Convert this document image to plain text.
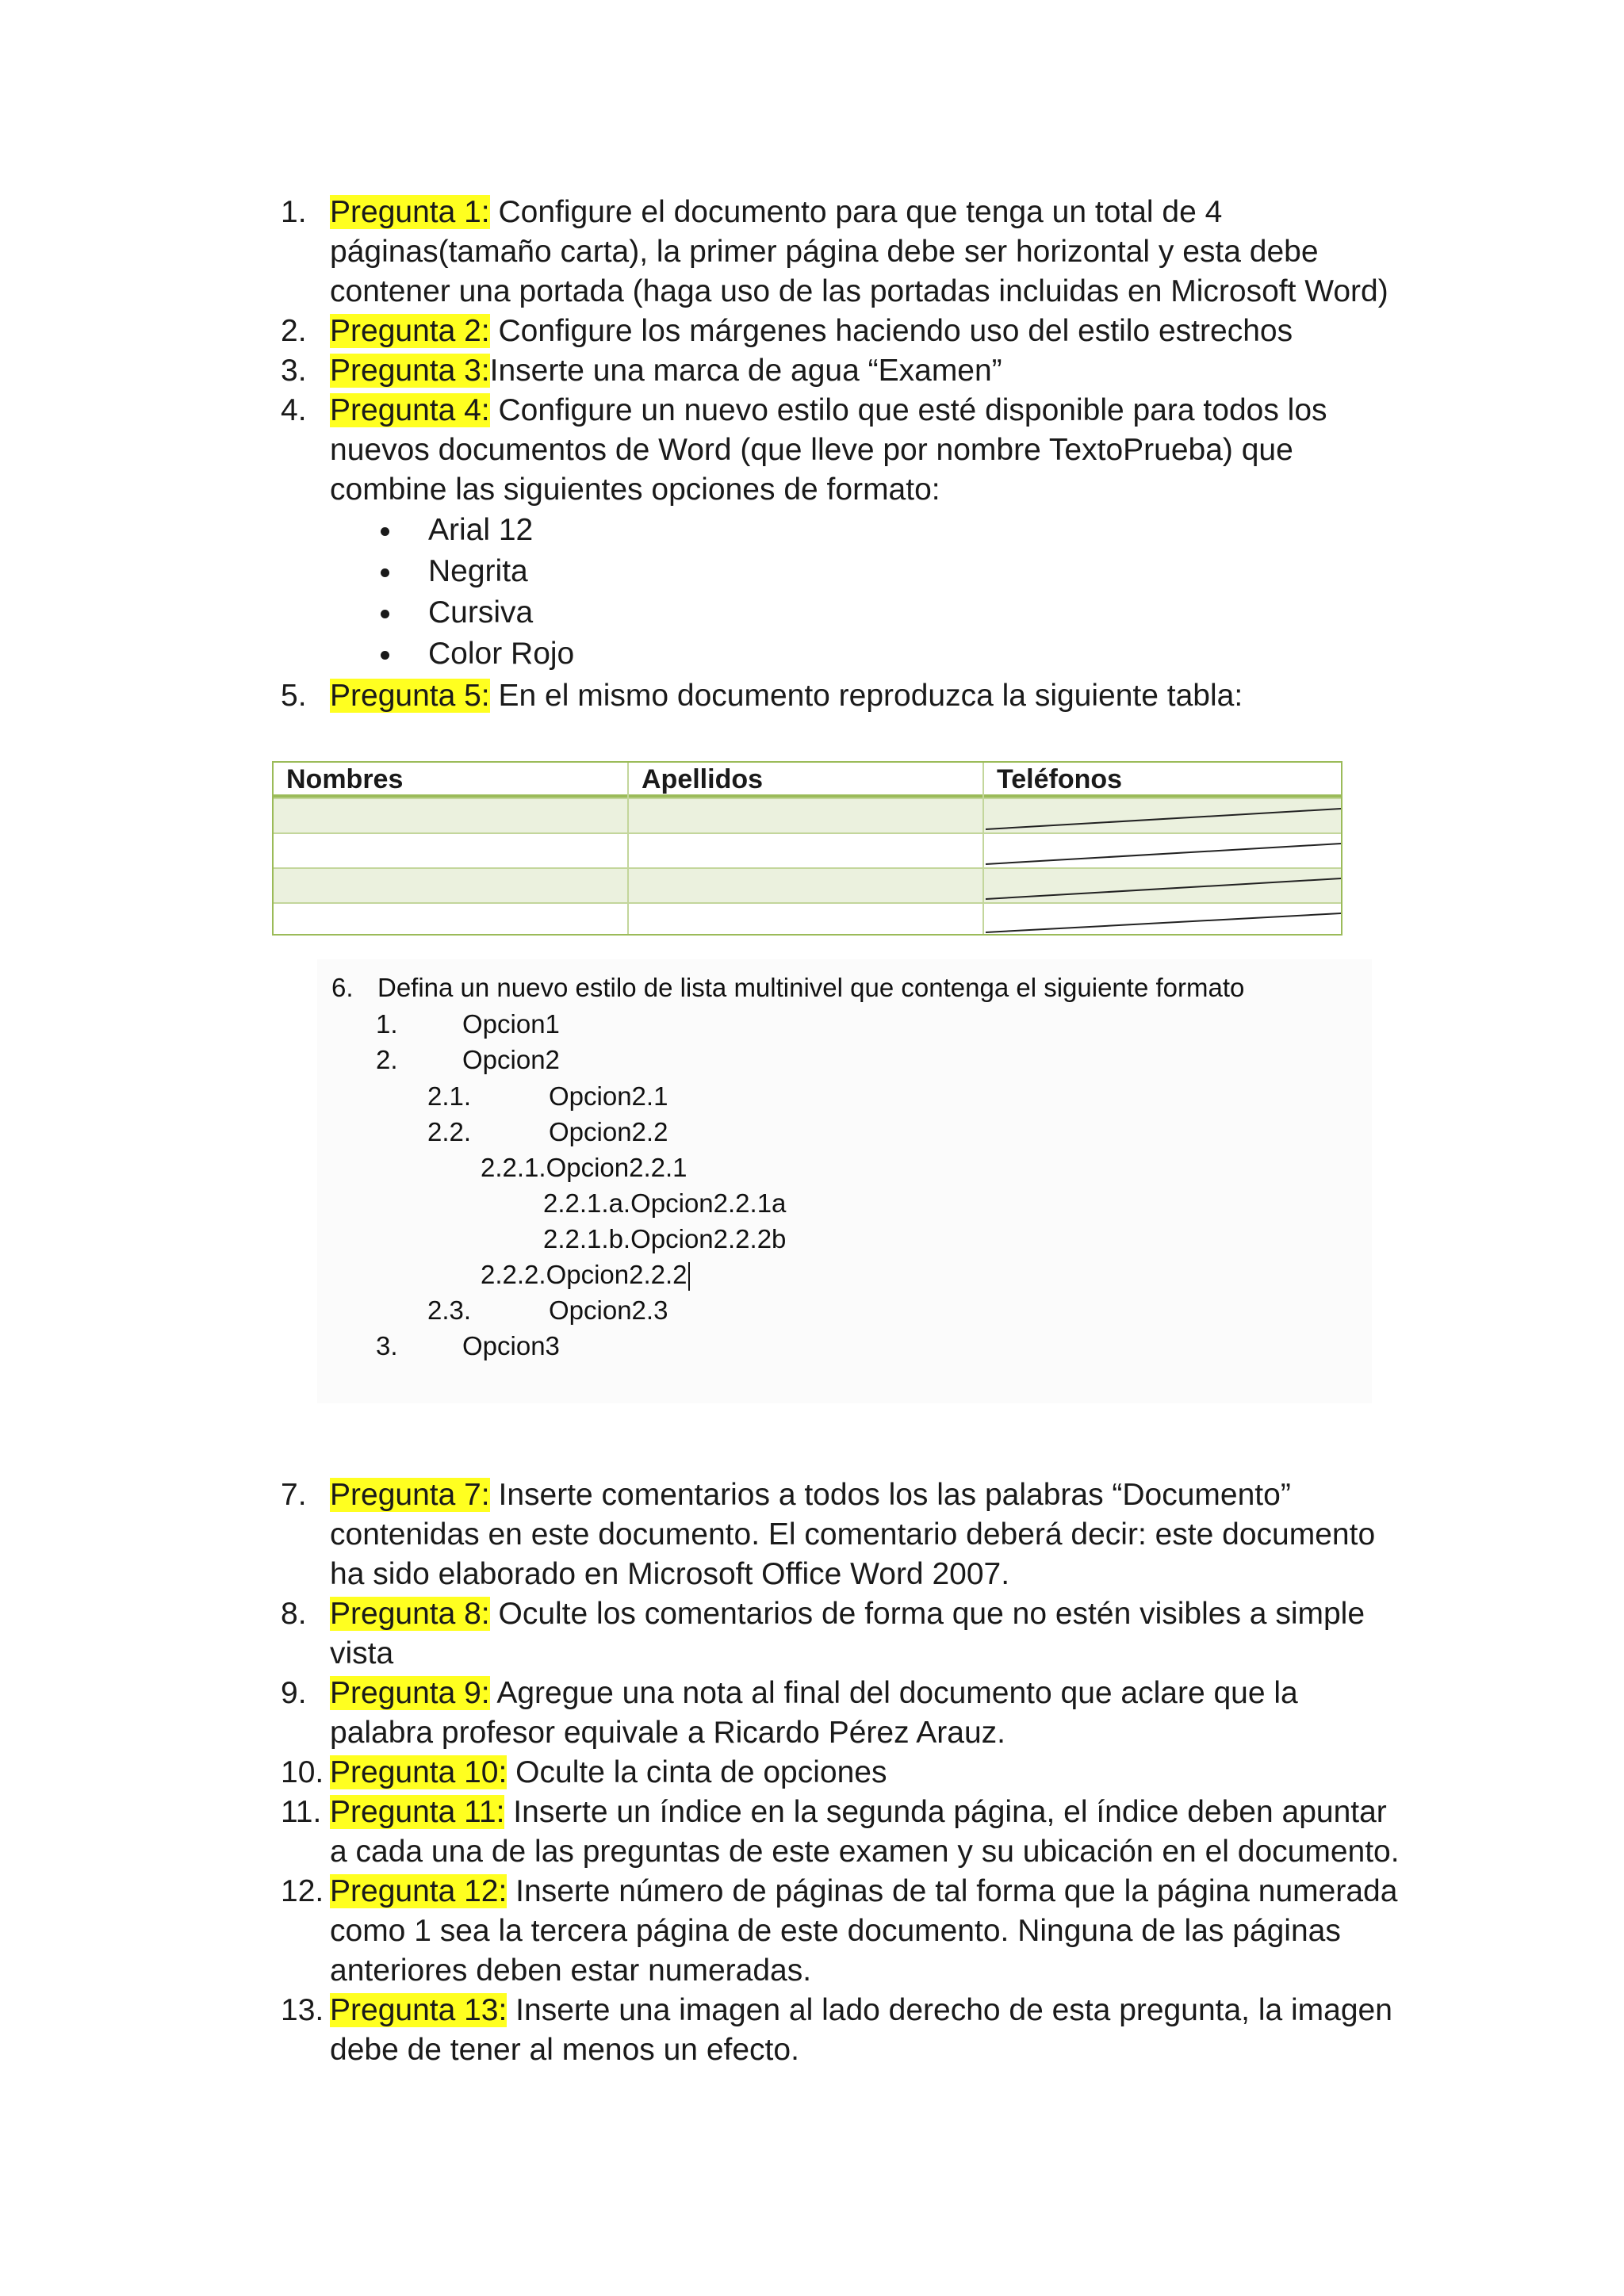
1. Pregunta 1: Configure el documento para que tenga un total de 4 páginas(tamaño carta), la primer página debe ser horizontal y esta debe contener una portada (haga uso de las portadas incluidas en Microsoft Word)
2. Pregunta 2: Configure los márgenes haciendo uso del estilo estrechos
3. Pregunta 3:Inserte una marca de agua “Examen”
4. Pregunta 4: Configure un nuevo estilo que esté disponible para todos los nuevos documentos de Word (que lleve por nombre TextoPrueba) que combine las siguientes opciones de formato:
Arial 12
Negrita
Cursiva
Color Rojo
5. Pregunta 5: En el mismo documento reproduzca la siguiente tabla:
Nombres	Apellidos	Teléfonos
6. Defina un nuevo estilo de lista multinivel que contenga el siguiente formato
1. Opcion1
2. Opcion2
2.1.	Opcion2.1
2.2.	Opcion2.2
2.2.1.Opcion2.2.1
2.2.1.a.Opcion2.2.1a
2.2.1.b.Opcion2.2.2b
2.2.2.Opcion2.2.2
2.3.	Opcion2.3
3. Opcion3
7. Pregunta 7: Inserte comentarios a todos los las palabras “Documento” contenidas en este documento. El comentario deberá decir: este documento ha sido elaborado en Microsoft Office Word 2007.
8. Pregunta 8: Oculte los comentarios de forma que no estén visibles a simple vista
9. Pregunta 9: Agregue una nota al final del documento que aclare que la palabra profesor equivale a Ricardo Pérez Arauz.
10. Pregunta 10: Oculte la cinta de opciones
11. Pregunta 11: Inserte un índice en la segunda página, el índice deben apuntar a cada una de las preguntas de este examen y su ubicación en el documento.
12. Pregunta 12: Inserte número de páginas de tal forma que la página numerada como 1 sea la tercera página de este documento. Ninguna de las páginas anteriores deben estar numeradas.
13. Pregunta 13: Inserte una imagen al lado derecho de esta pregunta, la imagen debe de tener al menos un efecto.
